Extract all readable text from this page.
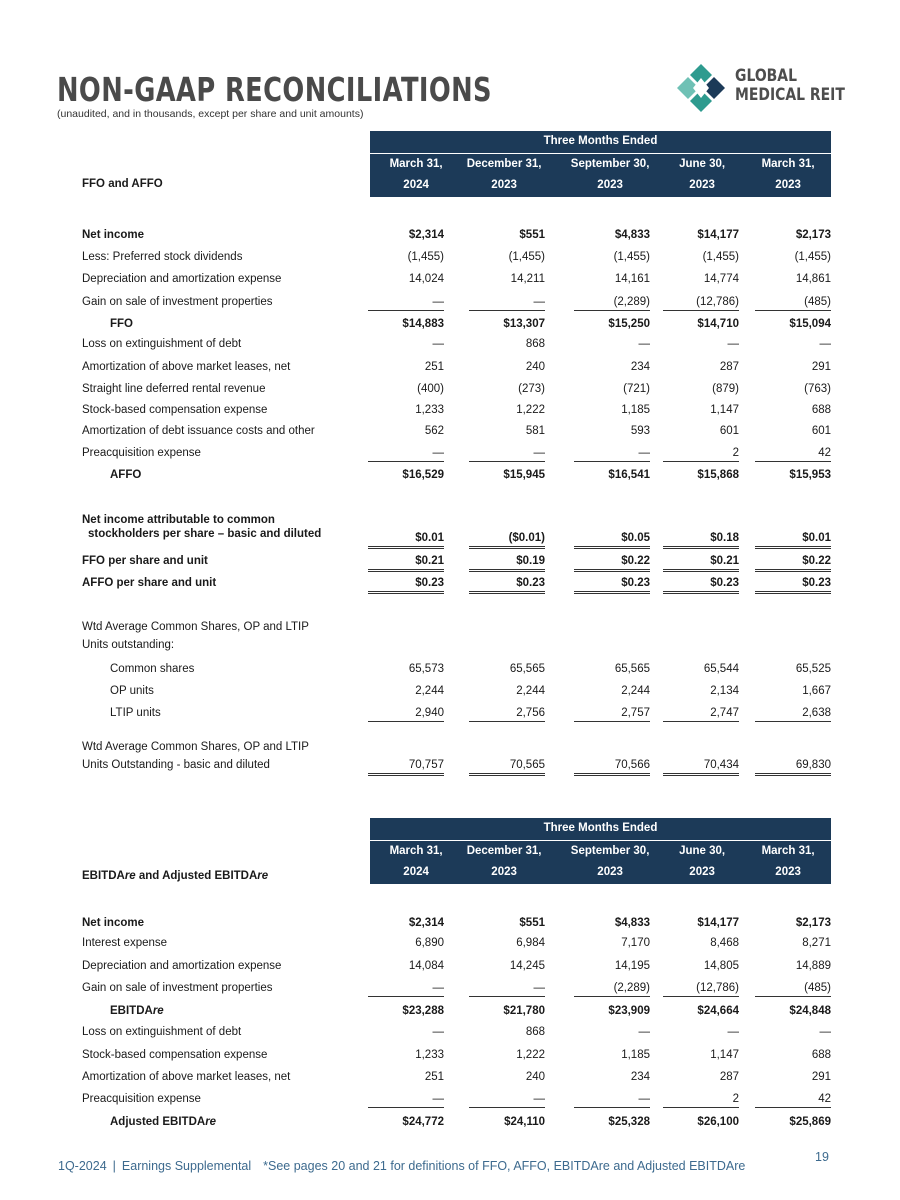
NON-GAAP RECONCILIATIONS
(unaudited, and in thousands, except per share and unit amounts)
GLOBAL
MEDICAL REIT
Three Months Ended
March 31,
2024
December 31,
2023
September 30,
2023
June 30,
2023
March 31,
2023
FFO and AFFO
Net income	$2,314	$551	$4,833	$14,177	$2,173
Less: Preferred stock dividends	(1,455)	(1,455)	(1,455)	(1,455)	(1,455)
Depreciation and amortization expense	14,024	14,211	14,161	14,774	14,861
Gain on sale of investment properties	—	—	(2,289)	(12,786)	(485)
FFO	$14,883	$13,307	$15,250	$14,710	$15,094
Loss on extinguishment of debt	—	868	—	—	—
Amortization of above market leases, net	251	240	234	287	291
Straight line deferred rental revenue	(400)	(273)	(721)	(879)	(763)
Stock-based compensation expense	1,233	1,222	1,185	1,147	688
Amortization of debt issuance costs and other	562	581	593	601	601
Preacquisition expense	—	—	—	2	42
AFFO	$16,529	$15,945	$16,541	$15,868	$15,953
Net income attributable to common
stockholders per share – basic and diluted	$0.01	($0.01)	$0.05	$0.18	$0.01
FFO per share and unit	$0.21	$0.19	$0.22	$0.21	$0.22
AFFO per share and unit	$0.23	$0.23	$0.23	$0.23	$0.23
Wtd Average Common Shares, OP and LTIP
Units outstanding:
Common shares	65,573	65,565	65,565	65,544	65,525
OP units	2,244	2,244	2,244	2,134	1,667
LTIP units	2,940	2,756	2,757	2,747	2,638
Wtd Average Common Shares, OP and LTIP
Units Outstanding - basic and diluted	70,757	70,565	70,566	70,434	69,830
Three Months Ended
March 31,
2024
December 31,
2023
September 30,
2023
June 30,
2023
March 31,
2023
EBITDAre and Adjusted EBITDAre
Net income	$2,314	$551	$4,833	$14,177	$2,173
Interest expense	6,890	6,984	7,170	8,468	8,271
Depreciation and amortization expense	14,084	14,245	14,195	14,805	14,889
Gain on sale of investment properties	—	—	(2,289)	(12,786)	(485)
EBITDAre	$23,288	$21,780	$23,909	$24,664	$24,848
Loss on extinguishment of debt	—	868	—	—	—
Stock-based compensation expense	1,233	1,222	1,185	1,147	688
Amortization of above market leases, net	251	240	234	287	291
Preacquisition expense	—	—	—	2	42
Adjusted EBITDAre	$24,772	$24,110	$25,328	$26,100	$25,869
1Q-2024 | Earnings Supplemental *See pages 20 and 21 for definitions of FFO, AFFO, EBITDAre and Adjusted EBITDAre
19
